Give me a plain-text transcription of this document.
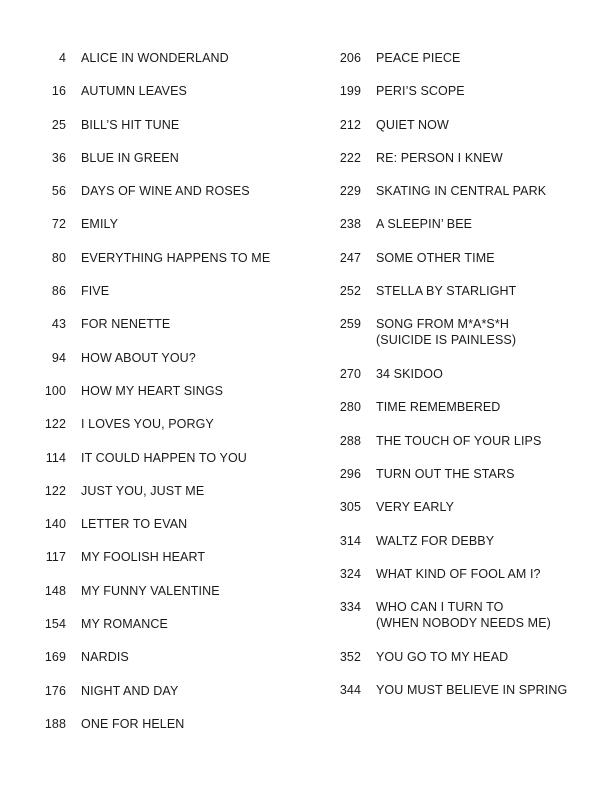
4 ALICE IN WONDERLAND
16 AUTUMN LEAVES
25 BILL’S HIT TUNE
36 BLUE IN GREEN
56 DAYS OF WINE AND ROSES
72 EMILY
80 EVERYTHING HAPPENS TO ME
86 FIVE
43 FOR NENETTE
94 HOW ABOUT YOU?
100 HOW MY HEART SINGS
122 I LOVES YOU, PORGY
114 IT COULD HAPPEN TO YOU
122 JUST YOU, JUST ME
140 LETTER TO EVAN
117 MY FOOLISH HEART
148 MY FUNNY VALENTINE
154 MY ROMANCE
169 NARDIS
176 NIGHT AND DAY
188 ONE FOR HELEN
206 PEACE PIECE
199 PERI’S SCOPE
212 QUIET NOW
222 RE: PERSON I KNEW
229 SKATING IN CENTRAL PARK
238 A SLEEPIN’ BEE
247 SOME OTHER TIME
252 STELLA BY STARLIGHT
259 SONG FROM M*A*S*H
(SUICIDE IS PAINLESS)
270 34 SKIDOO
280 TIME REMEMBERED
288 THE TOUCH OF YOUR LIPS
296 TURN OUT THE STARS
305 VERY EARLY
314 WALTZ FOR DEBBY
324 WHAT KIND OF FOOL AM I?
334 WHO CAN I TURN TO
(WHEN NOBODY NEEDS ME)
352 YOU GO TO MY HEAD
344 YOU MUST BELIEVE IN SPRING
